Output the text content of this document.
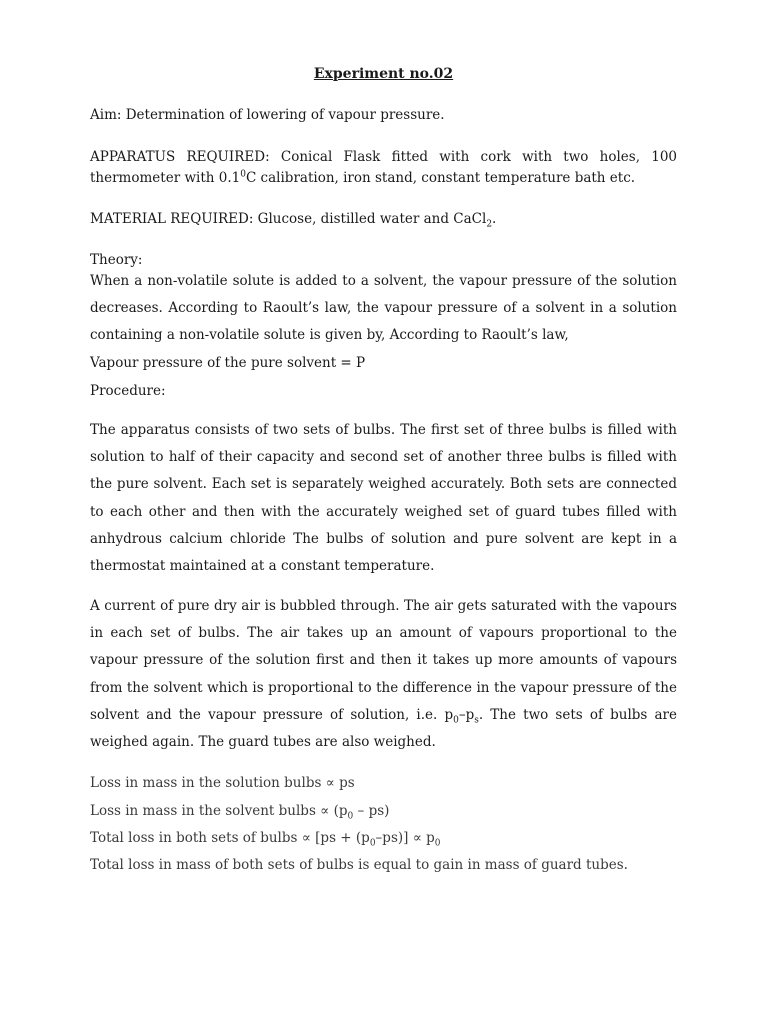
Experiment no.02

Aim: Determination of lowering of vapour pressure.

APPARATUS REQUIRED: Conical Flask fitted with cork with two holes, 100 thermometer with $0.1^0C$ calibration, iron stand, constant temperature bath etc.

MATERIAL REQUIRED: Glucose, distilled water and CaCl$_2$.

Theory:

When a non-volatile solute is added to a solvent, the vapour pressure of the solution decreases. According to Raoult’s law, the vapour pressure of a solvent in a solution containing a non-volatile solute is given by, According to Raoult’s law,

Vapour pressure of the pure solvent = P

Procedure:

The apparatus consists of two sets of bulbs. The first set of three bulbs is filled with solution to half of their capacity and second set of another three bulbs is filled with the pure solvent. Each set is separately weighed accurately. Both sets are connected to each other and then with the accurately weighed set of guard tubes filled with anhydrous calcium chloride The bulbs of solution and pure solvent are kept in a thermostat maintained at a constant temperature.

A current of pure dry air is bubbled through. The air gets saturated with the vapours in each set of bulbs. The air takes up an amount of vapours proportional to the vapour pressure of the solution first and then it takes up more amounts of vapours from the solvent which is proportional to the difference in the vapour pressure of the solvent and the vapour pressure of solution, i.e. $p_0-p_s$. The two sets of bulbs are weighed again. The guard tubes are also weighed.

Loss in mass in the solution bulbs ∝ ps

Loss in mass in the solvent bulbs ∝ $(p_0 - ps)$

Total loss in both sets of bulbs ∝ $[ps + (p_0-ps)] \propto p_0$

Total loss in mass of both sets of bulbs is equal to gain in mass of guard tubes.
